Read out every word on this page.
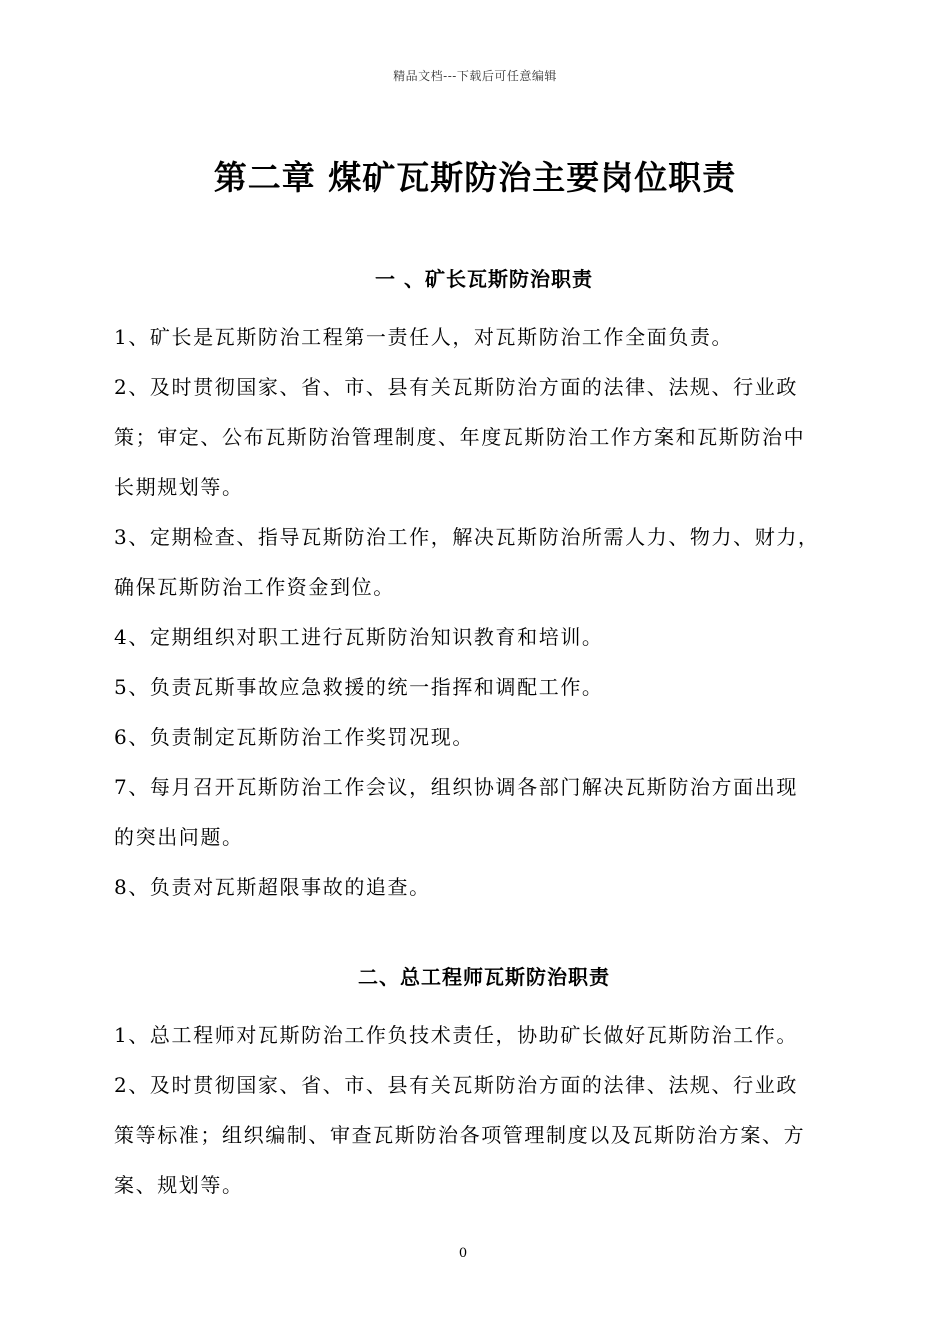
精品文档---下载后可任意编辑
第二章 煤矿瓦斯防治主要岗位职责
一 、矿长瓦斯防治职责

1、矿长是瓦斯防治工程第一责任人，对瓦斯防治工作全面负责。

2、及时贯彻国家、省、市、县有关瓦斯防治方面的法律、法规、行业政

策；审定、公布瓦斯防治管理制度、年度瓦斯防治工作方案和瓦斯防治中

长期规划等。

3、定期检查、指导瓦斯防治工作，解决瓦斯防治所需人力、物力、财力，

确保瓦斯防治工作资金到位。

4、定期组织对职工进行瓦斯防治知识教育和培训。

5、负责瓦斯事故应急救援的统一指挥和调配工作。

6、负责制定瓦斯防治工作奖罚况现。

7、每月召开瓦斯防治工作会议，组织协调各部门解决瓦斯防治方面出现

的突出问题。

8、负责对瓦斯超限事故的追查。

二、总工程师瓦斯防治职责

1、总工程师对瓦斯防治工作负技术责任，协助矿长做好瓦斯防治工作。

2、及时贯彻国家、省、市、县有关瓦斯防治方面的法律、法规、行业政

策等标准；组织编制、审查瓦斯防治各项管理制度以及瓦斯防治方案、方

案、规划等。

0
